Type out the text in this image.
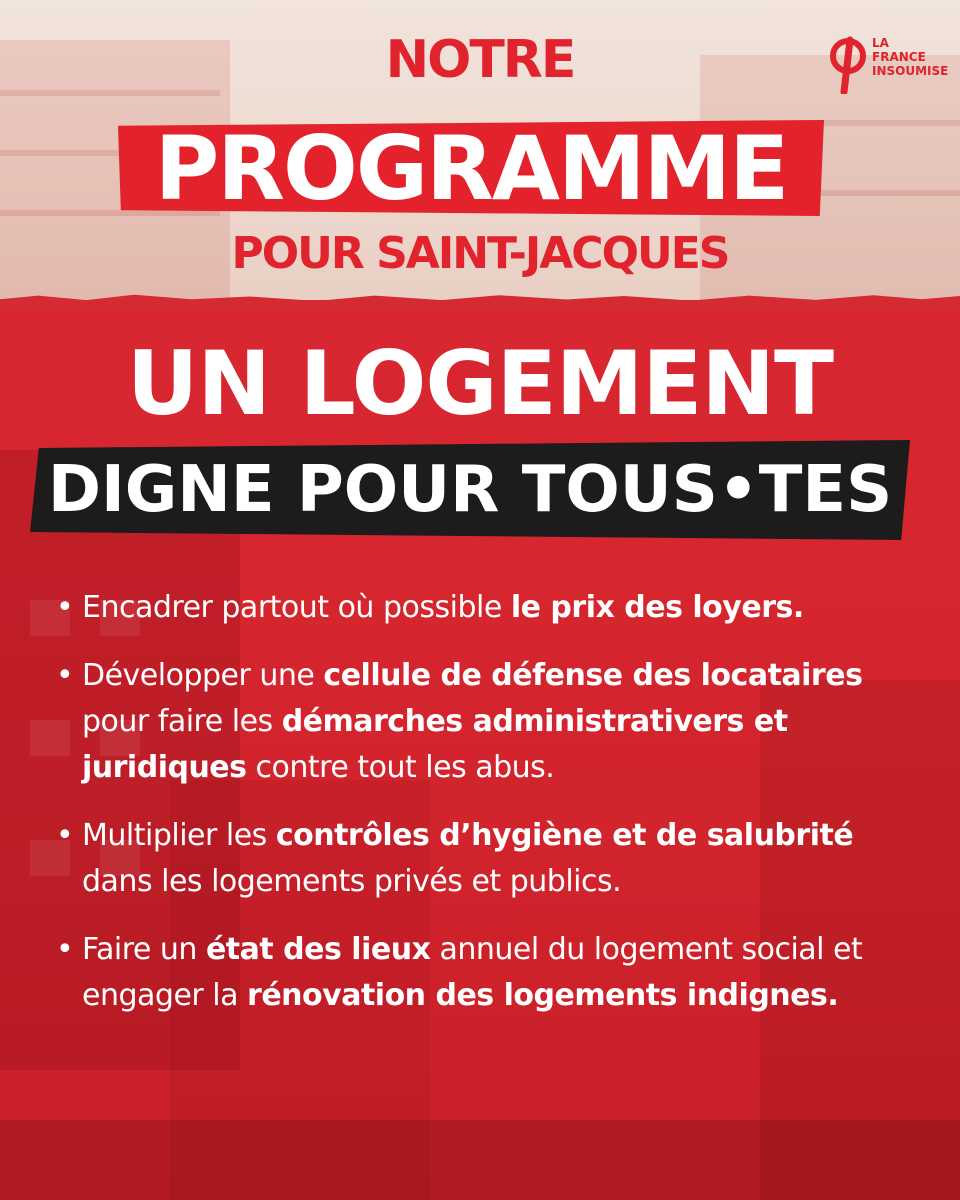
NOTRE
PROGRAMME
POUR SAINT-JACQUES
LA
FRANCE
INSOUMISE
UN LOGEMENT
DIGNE POUR TOUS•TES
• Encadrer partout où possible le prix des loyers.
• Développer une cellule de défense des locataires pour faire les démarches administrativers et juridiques contre tout les abus.
• Multiplier les contrôles d’hygiène et de salubrité dans les logements privés et publics.
• Faire un état des lieux annuel du logement social et engager la rénovation des logements indignes.
